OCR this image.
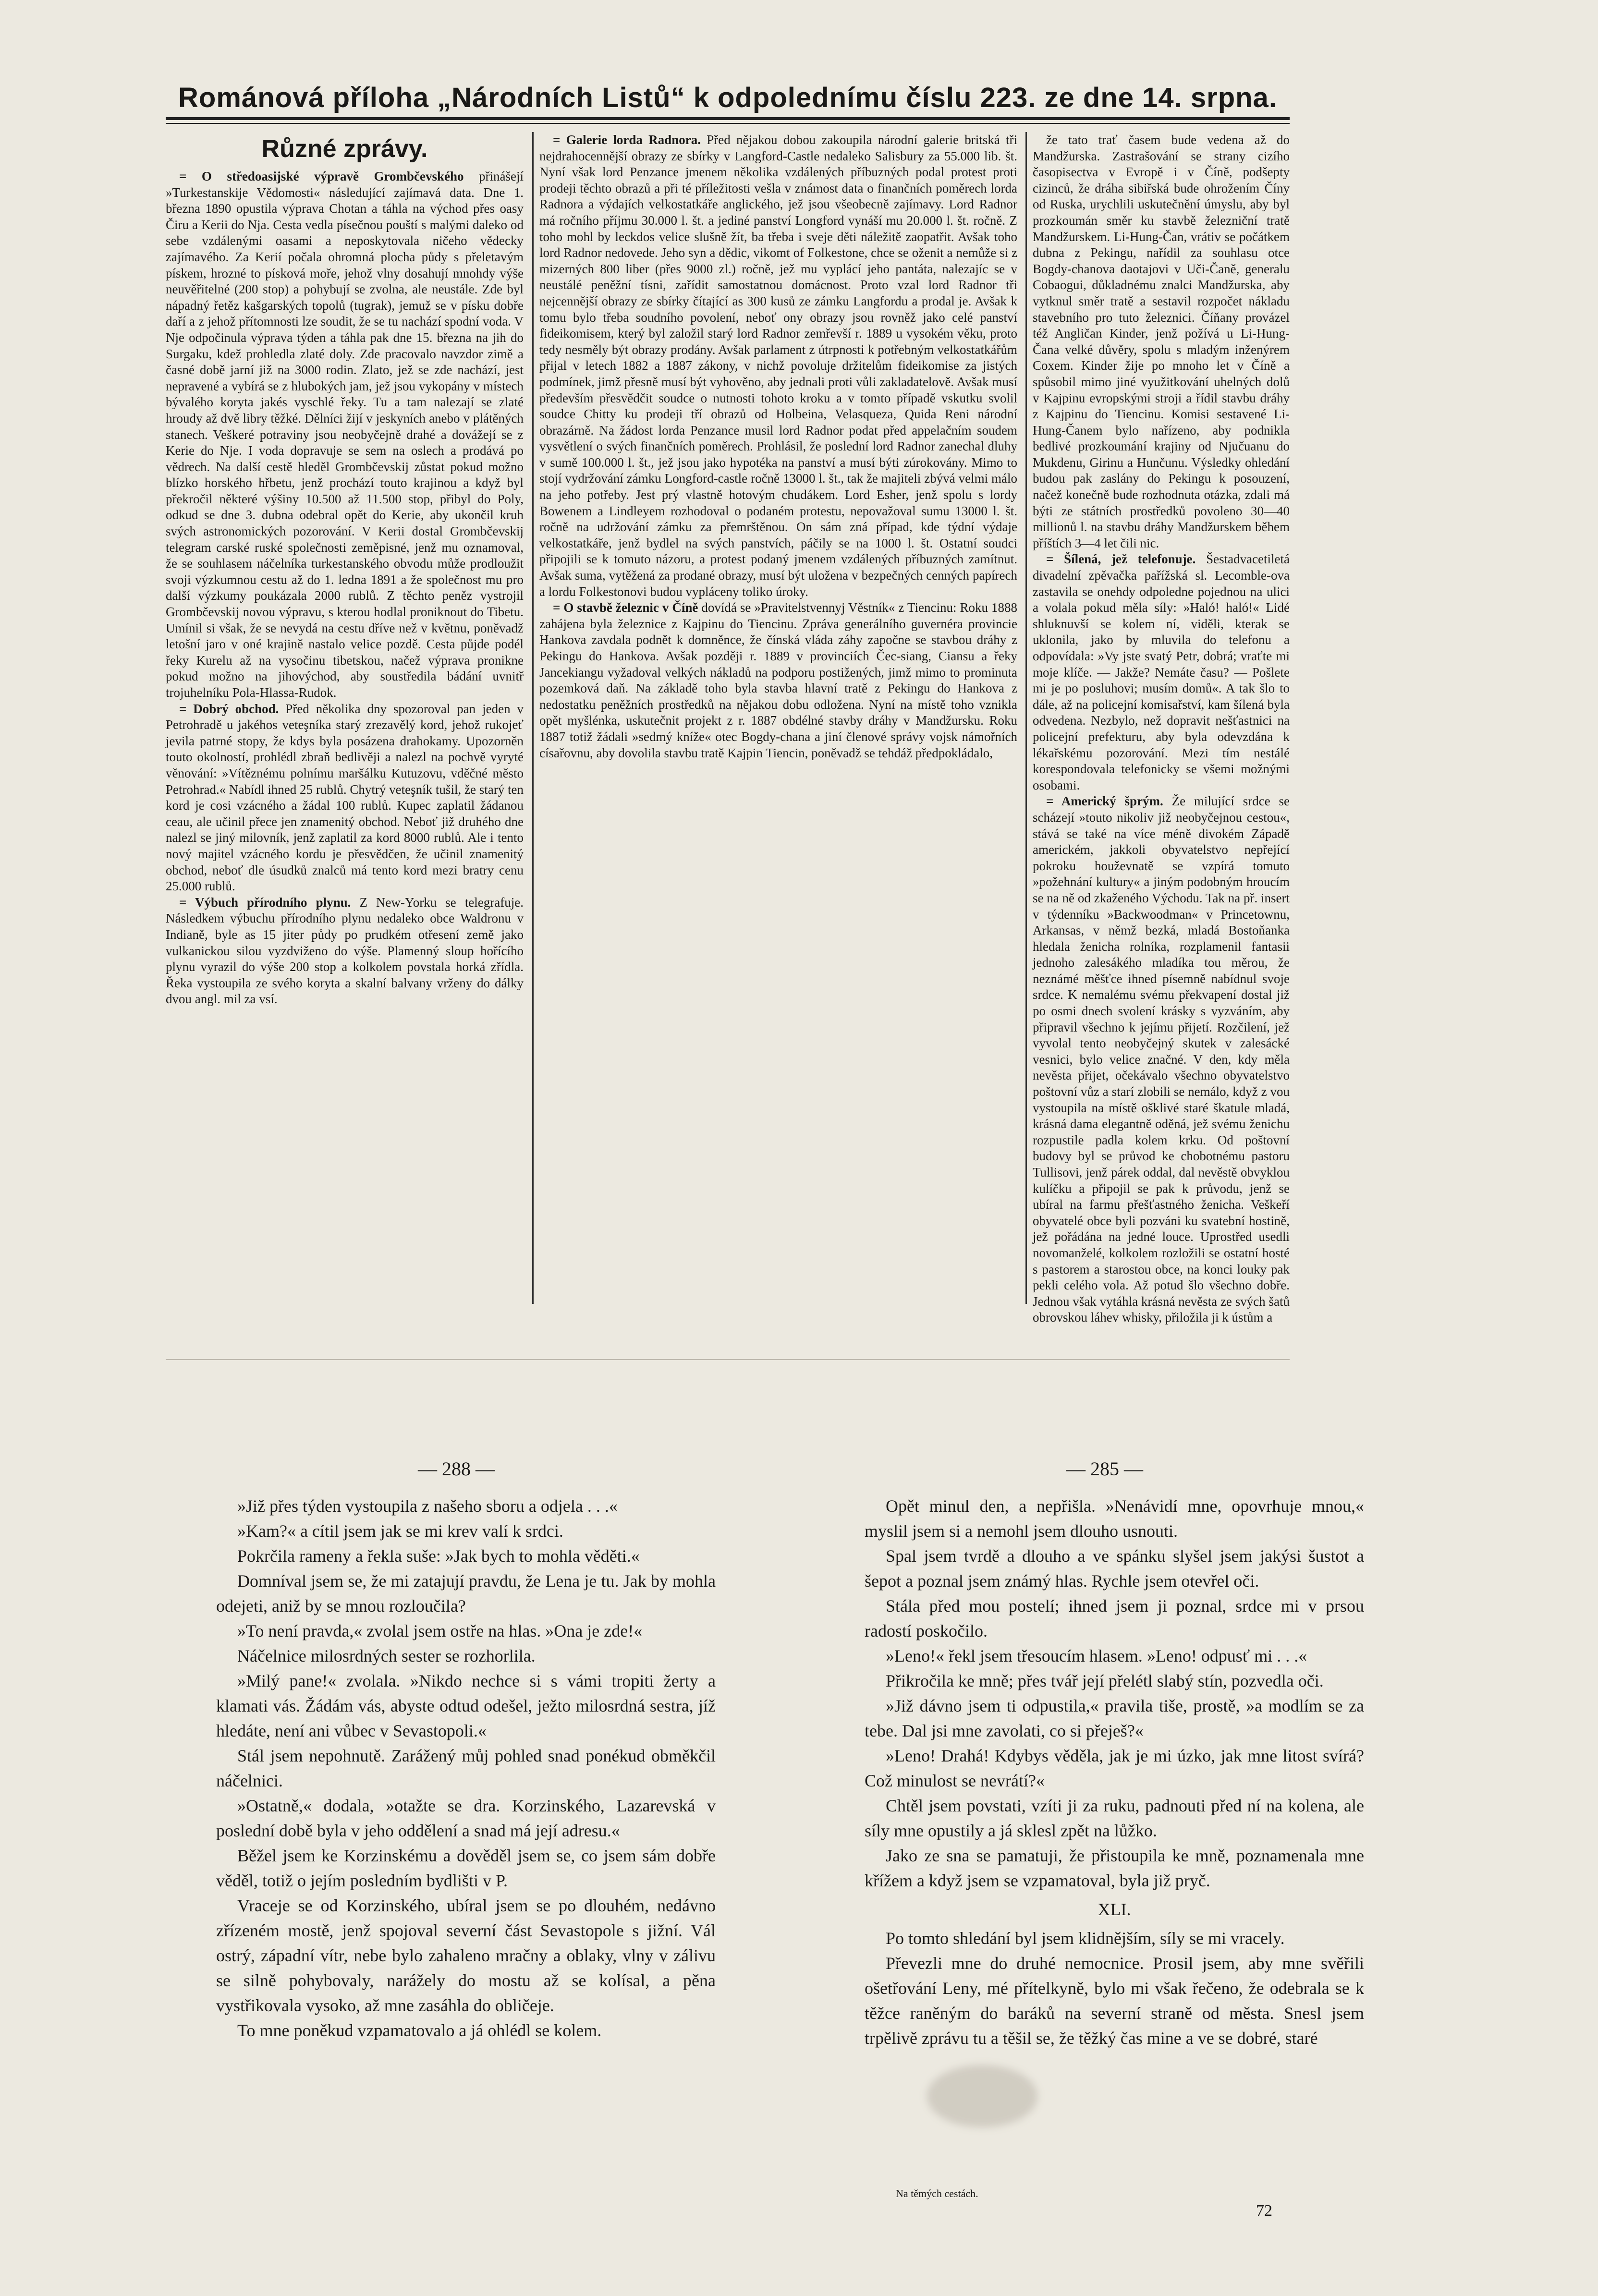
Románová příloha „Národních Listů“ k odpolednímu číslu 223. ze dne 14. srpna.

Různé zprávy.

= O středoasijské výpravě Grombčevského přinášejí »Turkestanskije Vědomosti« následující zajímavá data. Dne 1. března 1890 opustila výprava Chotan a táhla na východ přes oasy Čiru a Kerii do Nja. Cesta vedla písečnou pouští s malými daleko od sebe vzdálenými oasami a neposkytovala ničeho vědecky zajímavého. Za Kerií počala ohromná plocha půdy s přeletavým pískem, hrozné to písková moře, jehož vlny dosahují mnohdy výše neuvěřitelné (200 stop) a pohybují se zvolna, ale neustále. Zde byl nápadný řetěz kašgarských topolů (tugrak), jemuž se v písku dobře daří a z jehož přítomnosti lze soudit, že se tu nachází spodní voda. V Nje odpočinula výprava týden a táhla pak dne 15. března na jih do Surgaku, kdež prohledla zlaté doly. Zde pracovalo navzdor zimě a časné době jarní již na 3000 rodin. Zlato, jež se zde nachází, jest nepravené a vybírá se z hlubokých jam, jež jsou vykopány v místech bývalého koryta jakés vyschlé řeky. Tu a tam nalezají se zlaté hroudy až dvě libry těžké. Dělníci žijí v jeskyních anebo v plátěných stanech. Veškeré potraviny jsou neobyčejně drahé a dovážejí se z Kerie do Nje. I voda dopravuje se sem na oslech a prodává po vědrech. Na další cestě hleděl Grombčevskij zůstat pokud možno blízko horského hřbetu, jenž prochází touto krajinou a když byl překročil některé výšiny 10.500 až 11.500 stop, přibyl do Poly, odkud se dne 3. dubna odebral opět do Kerie, aby ukončil kruh svých astronomických pozorování. V Kerii dostal Grombčevskij telegram carské ruské společnosti zeměpisné, jenž mu oznamoval, že se souhlasem náčelníka turkestanského obvodu může prodloužit svoji výzkumnou cestu až do 1. ledna 1891 a že společnost mu pro další výzkumy poukázala 2000 rublů. Z těchto peněz vystrojil Grombčevskij novou výpravu, s kterou hodlal proniknout do Tibetu. Umínil si však, že se nevydá na cestu dříve než v květnu, poněvadž letošní jaro v oné krajině nastalo velice pozdě. Cesta půjde podél řeky Kurelu až na vysočinu tibetskou, načež výprava pronikne pokud možno na jihovýchod, aby soustředila bádání uvnitř trojuhelníku Pola-Hlassa-Rudok.

= Dobrý obchod. Před několika dny spozoroval pan jeden v Petrohradě u jakéhos veteşníka starý zrezavělý kord, jehož rukojeť jevila patrné stopy, že kdys byla posázena drahokamy. Upozorněn touto okolností, prohlédl zbraň bedlivěji a nalezl na pochvě vyryté věnování: »Vítěznému polnímu maršálku Kutuzovu, vděčné město Petrohrad.« Nabídl ihned 25 rublů. Chytrý veteşník tušil, že starý ten kord je cosi vzácného a žádal 100 rublů. Kupec zaplatil žádanou ceau, ale učinil přece jen znamenitý obchod. Neboť již druhého dne nalezl se jiný milovník, jenž zaplatil za kord 8000 rublů. Ale i tento nový majitel vzácného kordu je přesvědčen, že učinil znamenitý obchod, neboť dle úsudků znalců má tento kord mezi bratry cenu 25.000 rublů.

= Výbuch přírodního plynu. Z New-Yorku se telegrafuje. Následkem výbuchu přírodního plynu nedaleko obce Waldronu v Indianě, byle as 15 jiter půdy po prudkém otřesení země jako vulkanickou silou vyzdviženo do výše. Plamenný sloup hořícího plynu vyrazil do výše 200 stop a kolkolem povstala horká zřídla. Řeka vystoupila ze svého koryta a skalní balvany vrženy do dálky dvou angl. mil za vsí.

= Galerie lorda Radnora. Před nějakou dobou zakoupila národní galerie britská tři nejdrahocennější obrazy ze sbírky v Langford-Castle nedaleko Salisbury za 55.000 lib. št. Nyní však lord Penzance jmenem několika vzdálených příbuzných podal protest proti prodeji těchto obrazů a při té příležitosti vešla v známost data o finančních poměrech lorda Radnora a výdajích velkostatkáře anglického, jež jsou všeobecně zajímavy. Lord Radnor má ročního příjmu 30.000 l. št. a jediné panství Longford vynáší mu 20.000 l. št. ročně. Z toho mohl by leckdos velice slušně žít, ba třeba i sveje děti náležitě zaopatřit. Avšak toho lord Radnor nedovede. Jeho syn a dědic, vikomt of Folkestone, chce se oženit a nemůže si z mizerných 800 liber (přes 9000 zl.) ročně, jež mu vyplácí jeho pantáta, nalezajíc se v neustálé peněžní tísni, zařídit samostatnou domácnost. Proto vzal lord Radnor tři nejcennější obrazy ze sbírky čítající as 300 kusů ze zámku Langfordu a prodal je. Avšak k tomu bylo třeba soudního povolení, neboť ony obrazy jsou rovněž jako celé panství fideikomisem, který byl založil starý lord Radnor zemřevší r. 1889 u vysokém věku, proto tedy nesměly být obrazy prodány. Avšak parlament z útrpnosti k potřebným velkostatkářům přijal v letech 1882 a 1887 zákony, v nichž povoluje držitelům fideikomise za jistých podmínek, jimž přesně musí být vyhověno, aby jednali proti vůli zakladatelově. Avšak musí především přesvědčit soudce o nutnosti tohoto kroku a v tomto případě vskutku svolil soudce Chitty ku prodeji tří obrazů od Holbeina, Velasqueza, Quida Reni národní obrazárně. Na žádost lorda Penzance musil lord Radnor podat před appelačním soudem vysvětlení o svých finančních poměrech. Prohlásil, že poslední lord Radnor zanechal dluhy v sumě 100.000 l. št., jež jsou jako hypotéka na panství a musí býti zúrokovány. Mimo to stojí vydržování zámku Longford-castle ročně 13000 l. št., tak že majiteli zbývá velmi málo na jeho potřeby. Jest prý vlastně hotovým chudákem. Lord Esher, jenž spolu s lordy Bowenem a Lindleyem rozhodoval o podaném protestu, nepovažoval sumu 13000 l. št. ročně na udržování zámku za přemrštěnou. On sám zná případ, kde týdní výdaje velkostatkáře, jenž bydlel na svých panstvích, páčily se na 1000 l. št. Ostatní soudci připojili se k tomuto názoru, a protest podaný jmenem vzdálených příbuzných zamítnut. Avšak suma, vytěžená za prodané obrazy, musí být uložena v bezpečných cenných papírech a lordu Folkestonovi budou vypláceny toliko úroky.

= O stavbě železnic v Číně dovídá se »Pravitelstvennyj Věstník« z Tiencinu: Roku 1888 zahájena byla železnice z Kajpinu do Tiencinu. Zpráva generálního guvernéra provincie Hankova zavdala podnět k domněnce, že čínská vláda záhy započne se stavbou dráhy z Pekingu do Hankova. Avšak později r. 1889 v provinciích Čec-siang, Ciansu a řeky Jancekiangu vyžadoval velkých nákladů na podporu postižených, jimž mimo to prominuta pozemková daň. Na základě toho byla stavba hlavní tratě z Pekingu do Hankova z nedostatku peněžních prostředků na nějakou dobu odložena. Nyní na místě toho vznikla opět myšlénka, uskutečnit projekt z r. 1887 obdélné stavby dráhy v Mandžursku. Roku 1887 totiž žádali »sedmý kníže« otec Bogdy-chana a jiní členové správy vojsk námořních císařovnu, aby dovolila stavbu tratě Kajpin Tiencin, poněvadž se tehdáž předpokládalo,

že tato trať časem bude vedena až do Mandžurska. Zastrašování se strany cizího časopisectva v Evropě i v Číně, podšepty cizinců, že dráha sibiřská bude ohrožením Číny od Ruska, urychlili uskutečnění úmyslu, aby byl prozkoumán směr ku stavbě železniční tratě Mandžurskem. Li-Hung-Čan, vrátiv se počátkem dubna z Pekingu, nařídil za souhlasu otce Bogdy-chanova daotajovi v Uči-Čaně, generalu Cobaogui, důkladnému znalci Mandžurska, aby vytknul směr tratě a sestavil rozpočet nákladu stavebního pro tuto železnici. Číňany provázel též Angličan Kinder, jenž požívá u Li-Hung-Čana velké důvěry, spolu s mladým inženýrem Coxem. Kinder žije po mnoho let v Číně a spůsobil mimo jiné využitkování uhelných dolů v Kajpinu evropskými stroji a řídil stavbu dráhy z Kajpinu do Tiencinu. Komisi sestavené Li-Hung-Čanem bylo nařízeno, aby podnikla bedlivé prozkoumání krajiny od Njučuanu do Mukdenu, Girinu a Hunčunu. Výsledky ohledání budou pak zaslány do Pekingu k posouzení, načež konečně bude rozhodnuta otázka, zdali má býti ze státních prostředků povoleno 30—40 millionů l. na stavbu dráhy Mandžurskem během příštích 3—4 let čili nic.

= Šílená, jež telefonuje. Šestadvacetiletá divadelní zpěvačka pařížská sl. Lecomble-ova zastavila se onehdy odpoledne pojednou na ulici a volala pokud měla síly: »Haló! haló!« Lidé shluknuvší se kolem ní, viděli, kterak se uklonila, jako by mluvila do telefonu a odpovídala: »Vy jste svatý Petr, dobrá; vraťte mi moje klíče. — Jakže? Nemáte času? — Pošlete mi je po posluhovi; musím domů«. A tak šlo to dále, až na policejní komisařství, kam šílená byla odvedena. Nezbylo, než dopravit nešťastnici na policejní prefekturu, aby byla odevzdána k lékařskému pozorování. Mezi tím nestálé korespondovala telefonicky se všemi možnými osobami.

= Americký šprým. Že milující srdce se scházejí »touto nikoliv již neobyčejnou cestou«, stává se také na více méně divokém Západě americkém, jakkoli obyvatelstvo nepřející pokroku houževnatě se vzpírá tomuto »požehnání kultury« a jiným podobným hroucím se na ně od zkaženého Východu. Tak na př. insert v týdenníku »Backwoodman« v Princetownu, Arkansas, v němž bezká, mladá Bostoňanka hledala ženicha rolníka, rozplamenil fantasii jednoho zalesákého mladíka tou měrou, že neznámé měšťce ihned písemně nabídnul svoje srdce. K nemalému svému překvapení dostal již po osmi dnech svolení krásky s vyzváním, aby připravil všechno k jejímu přijetí. Rozčilení, jež vyvolal tento neobyčejný skutek v zalesácké vesnici, bylo velice značné. V den, kdy měla nevěsta přijet, očekávalo všechno obyvatelstvo poštovní vůz a starí zlobili se nemálo, když z vou vystoupila na místě ošklivé staré škatule mladá, krásná dama elegantně oděná, jež svému ženichu rozpustile padla kolem krku. Od poštovní budovy byl se průvod ke chobotnému pastoru Tullisovi, jenž párek oddal, dal nevěstě obvyklou kulíčku a připojil se pak k průvodu, jenž se ubíral na farmu přešťastného ženicha. Veškeří obyvatelé obce byli pozváni ku svatební hostině, jež pořádána na jedné louce. Uprostřed usedli novomanželé, kolkolem rozložili se ostatní hosté s pastorem a starostou obce, na konci louky pak pekli celého vola. Až potud šlo všechno dobře. Jednou však vytáhla krásná nevěsta ze svých šatů obrovskou láhev whisky, přiložila ji k ústům a

— 288 —	— 285 —

»Již přes týden vystoupila z našeho sboru a odjela . . .«

»Kam?« a cítil jsem jak se mi krev valí k srdci.

Pokrčila rameny a řekla suše: »Jak bych to mohla věděti.«

Domníval jsem se, že mi zatajují pravdu, že Lena je tu. Jak by mohla odejeti, aniž by se mnou rozloučila?

»To není pravda,« zvolal jsem ostře na hlas. »Ona je zde!«

Náčelnice milosrdných sester se rozhorlila.

»Milý pane!« zvolala. »Nikdo nechce si s vámi tropiti žerty a klamati vás. Žádám vás, abyste odtud odešel, ježto milosrdná sestra, jíž hledáte, není ani vůbec v Sevastopoli.«

Stál jsem nepohnutě. Zarážený můj pohled snad ponékud obměkčil náčelnici.

»Ostatně,« dodala, »otažte se dra. Korzinského, Lazarevská v poslední době byla v jeho oddělení a snad má její adresu.«

Běžel jsem ke Korzinskému a dověděl jsem se, co jsem sám dobře věděl, totiž o jejím posledním bydlišti v P.

Vraceje se od Korzinského, ubíral jsem se po dlouhém, nedávno zřízeném mostě, jenž spojoval severní část Sevastopole s jižní. Vál ostrý, západní vítr, nebe bylo zahaleno mračny a oblaky, vlny v zálivu se silně pohybovaly, narážely do mostu až se kolísal, a pěna vystřikovala vysoko, až mne zasáhla do obličeje.

To mne poněkud vzpamatovalo a já ohlédl se kolem.

Opět minul den, a nepřišla. »Nenávidí mne, opovrhuje mnou,« myslil jsem si a nemohl jsem dlouho usnouti.

Spal jsem tvrdě a dlouho a ve spánku slyšel jsem jakýsi šustot a šepot a poznal jsem známý hlas. Rychle jsem otevřel oči.

Stála před mou postelí; ihned jsem ji poznal, srdce mi v prsou radostí poskočilo.

»Leno!« řekl jsem třesoucím hlasem. »Leno! odpusť mi . . .«

Přikročila ke mně; přes tvář její přelétl slabý stín, pozvedla oči.

»Již dávno jsem ti odpustila,« pravila tiše, prostě, »a modlím se za tebe. Dal jsi mne zavolati, co si přeješ?«

»Leno! Drahá! Kdybys věděla, jak je mi úzko, jak mne litost svírá? Což minulost se nevrátí?«

Chtěl jsem povstati, vzíti ji za ruku, padnouti před ní na kolena, ale síly mne opustily a já sklesl zpět na lůžko.

Jako ze sna se pamatuji, že přistoupila ke mně, poznamenala mne křížem a když jsem se vzpamatoval, byla již pryč.

XLI.

Po tomto shledání byl jsem klidnějším, síly se mi vracely.

Převezli mne do druhé nemocnice. Prosil jsem, aby mne svěřili ošetřování Leny, mé přítelkyně, bylo mi však řečeno, že odebrala se k těžce raněným do baráků na severní straně od města. Snesl jsem trpělivě zprávu tu a těšil se, že těžký čas mine a ve se dobré, staré

Na těmých cestách.
72
